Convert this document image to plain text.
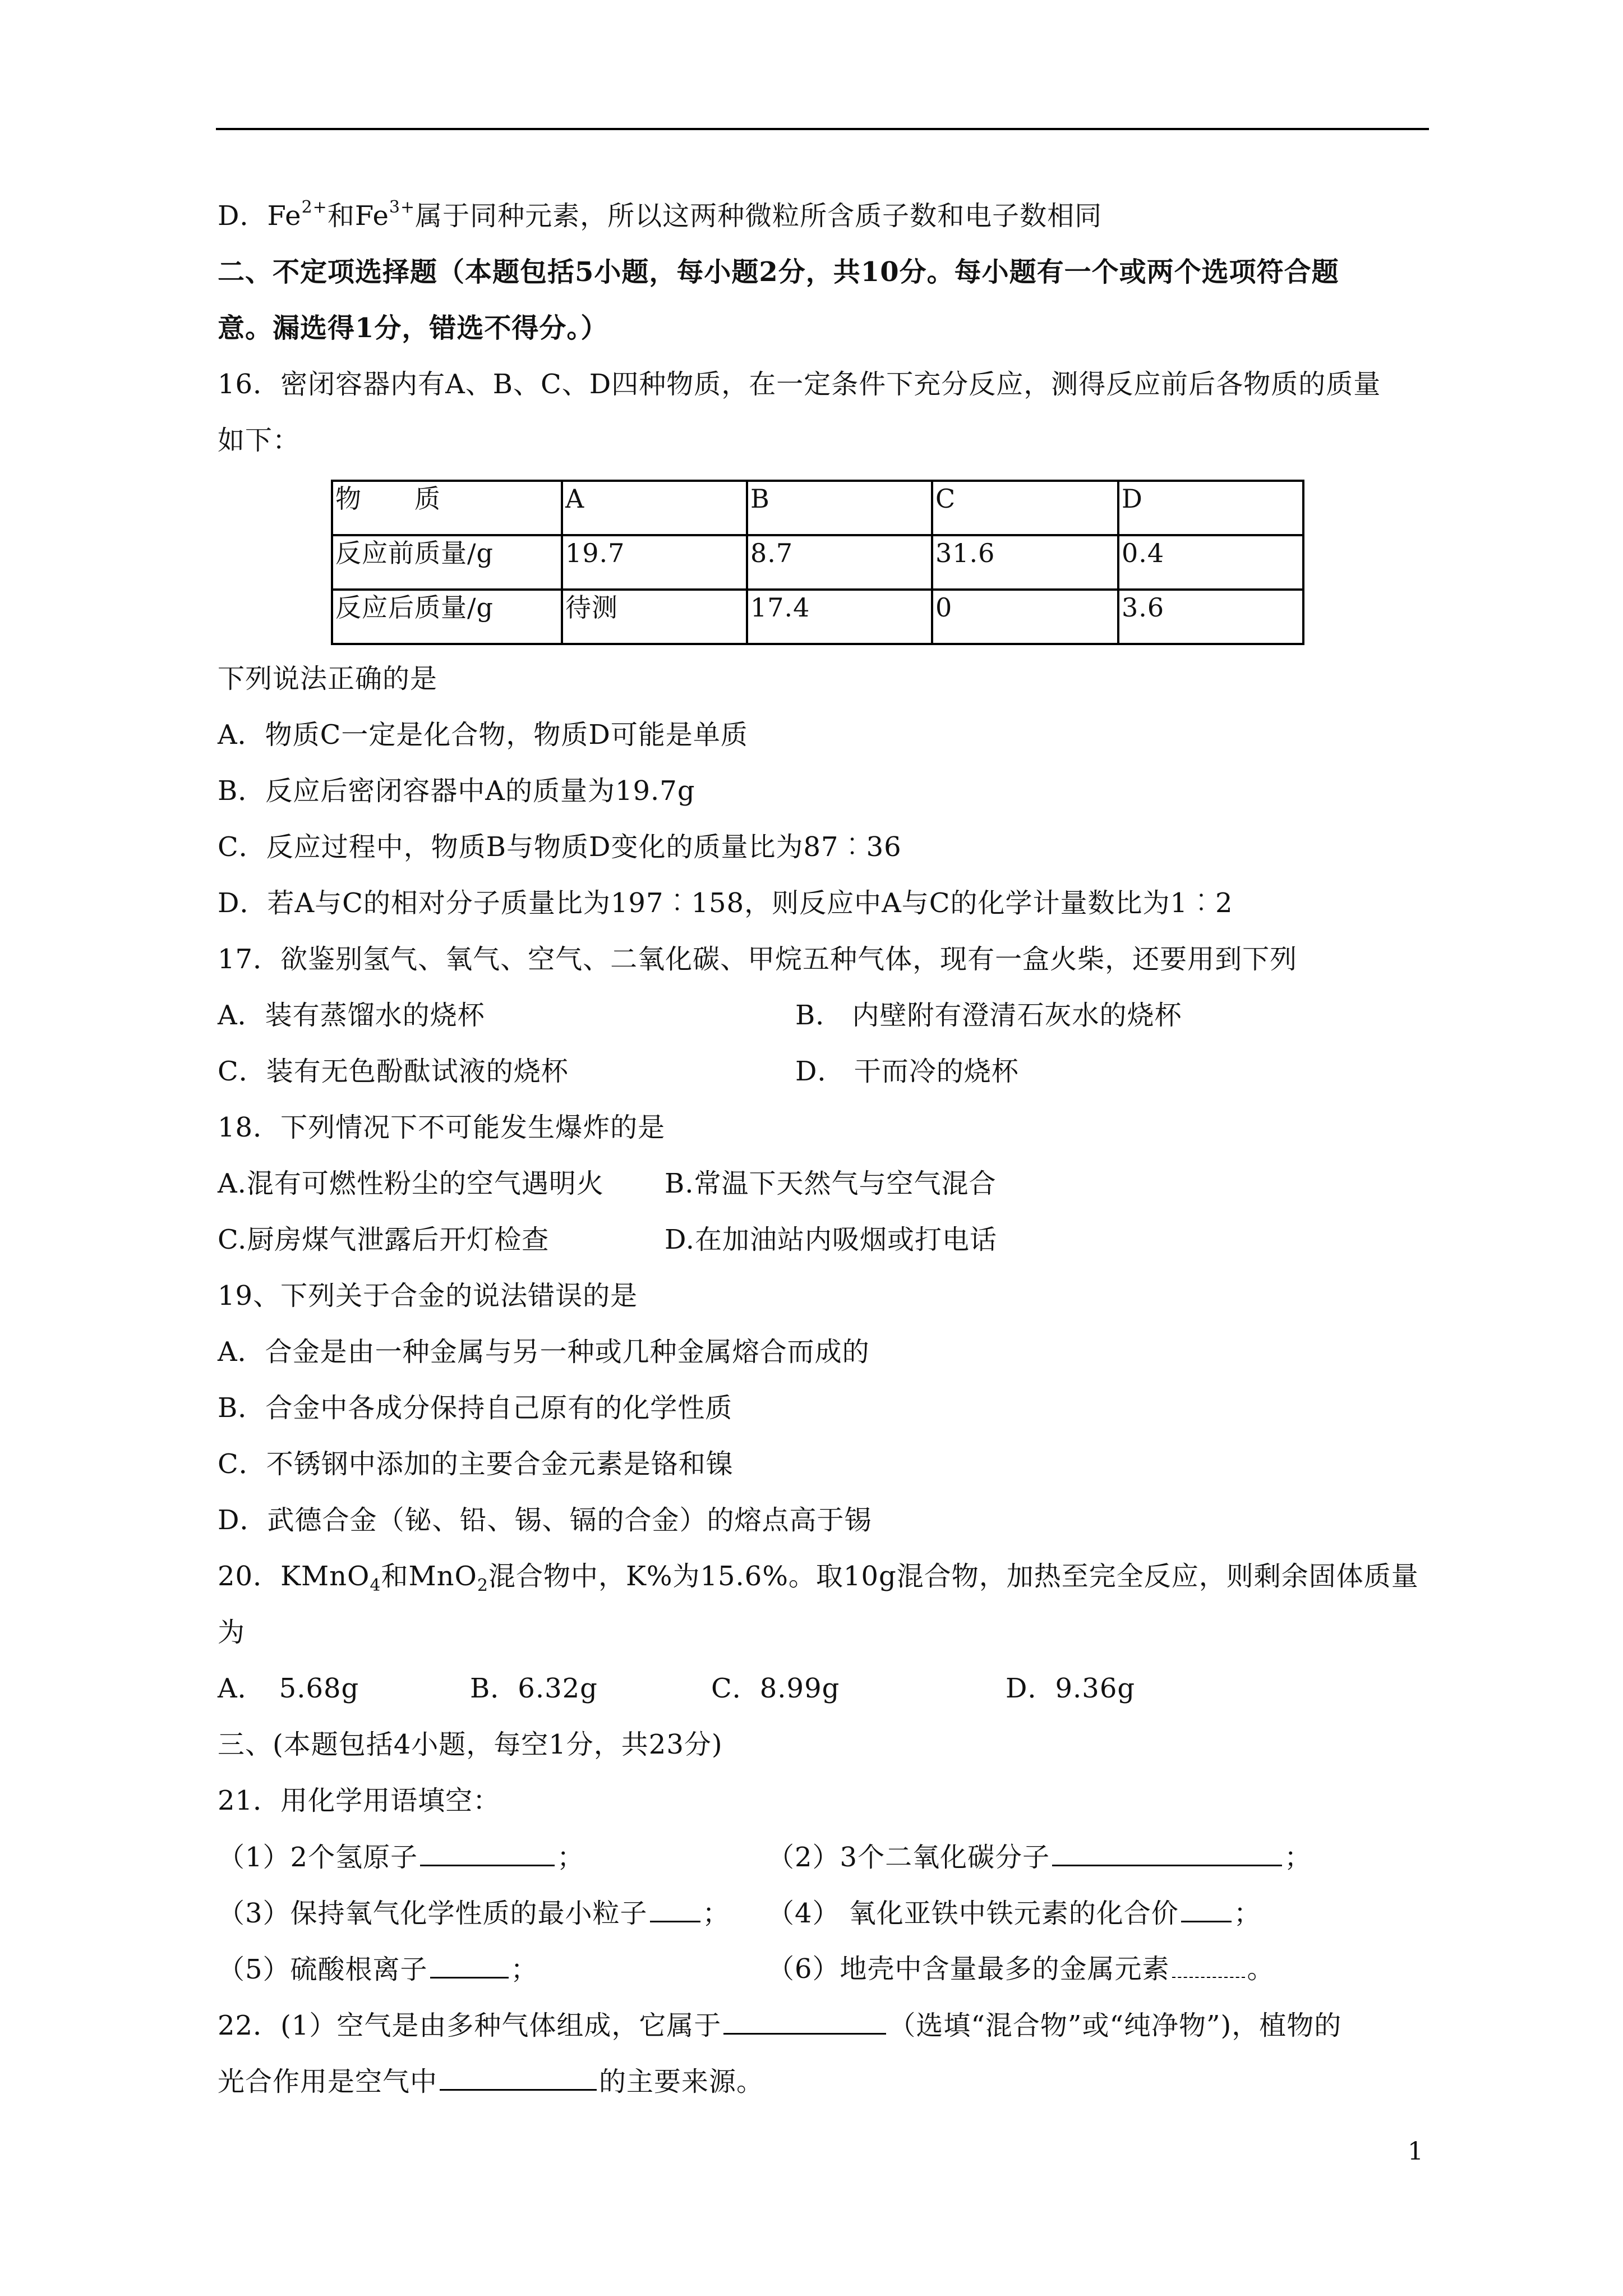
D．$Fe^{2+}$和$Fe^{3+}$属于同种元素，所以这两种微粒所含质子数和电子数相同
二、不定项选择题（本题包括5小题，每小题2分，共10分。每小题有一个或两个选项符合题
意。漏选得1分，错选不得分。）
16．密闭容器内有A、B、C、D四种物质，在一定条件下充分反应，测得反应前后各物质的质量
如下：
物　　质	A	B	C	D
反应前质量/g	19.7	8.7	31.6	0.4
反应后质量/g	待测	17.4	0	3.6
下列说法正确的是
A．物质C一定是化合物，物质D可能是单质
B．反应后密闭容器中A的质量为19.7g
C．反应过程中，物质B与物质D变化的质量比为87︰36
D．若A与C的相对分子质量比为197︰158，则反应中A与C的化学计量数比为1︰2
17．欲鉴别氢气、氧气、空气、二氧化碳、甲烷五种气体，现有一盒火柴，还要用到下列
A．装有蒸馏水的烧杯	B． 内壁附有澄清石灰水的烧杯
C．装有无色酚酞试液的烧杯	D． 干而冷的烧杯
18．下列情况下不可能发生爆炸的是
A.混有可燃性粉尘的空气遇明火 B.常温下天然气与空气混合
C.厨房煤气泄露后开灯检查	D.在加油站内吸烟或打电话
19、下列关于合金的说法错误的是
A．合金是由一种金属与另一种或几种金属熔合而成的
B．合金中各成分保持自己原有的化学性质
C．不锈钢中添加的主要合金元素是铬和镍
D．武德合金（铋、铅、锡、镉的合金）的熔点高于锡
20．KMnO$_4$和MnO$_2$混合物中，K%为15.6%。取10g混合物，加热至完全反应，则剩余固体质量
为
A．　5.68g	B．6.32g	C．8.99g	D．9.36g
三、(本题包括4小题，每空1分，共23分)
21．用化学用语填空：
（1）2个氢原子	；	（2）3个二氧化碳分子	；
（3）保持氧气化学性质的最小粒子 ； （4） 氧化亚铁中铁元素的化合价 ；
（5）硫酸根离子	；	（6）地壳中含量最多的金属元素	。
22．(1）空气是由多种气体组成，它属于	（选填“混合物”或“纯净物”)，植物的
光合作用是空气中	的主要来源。
1
